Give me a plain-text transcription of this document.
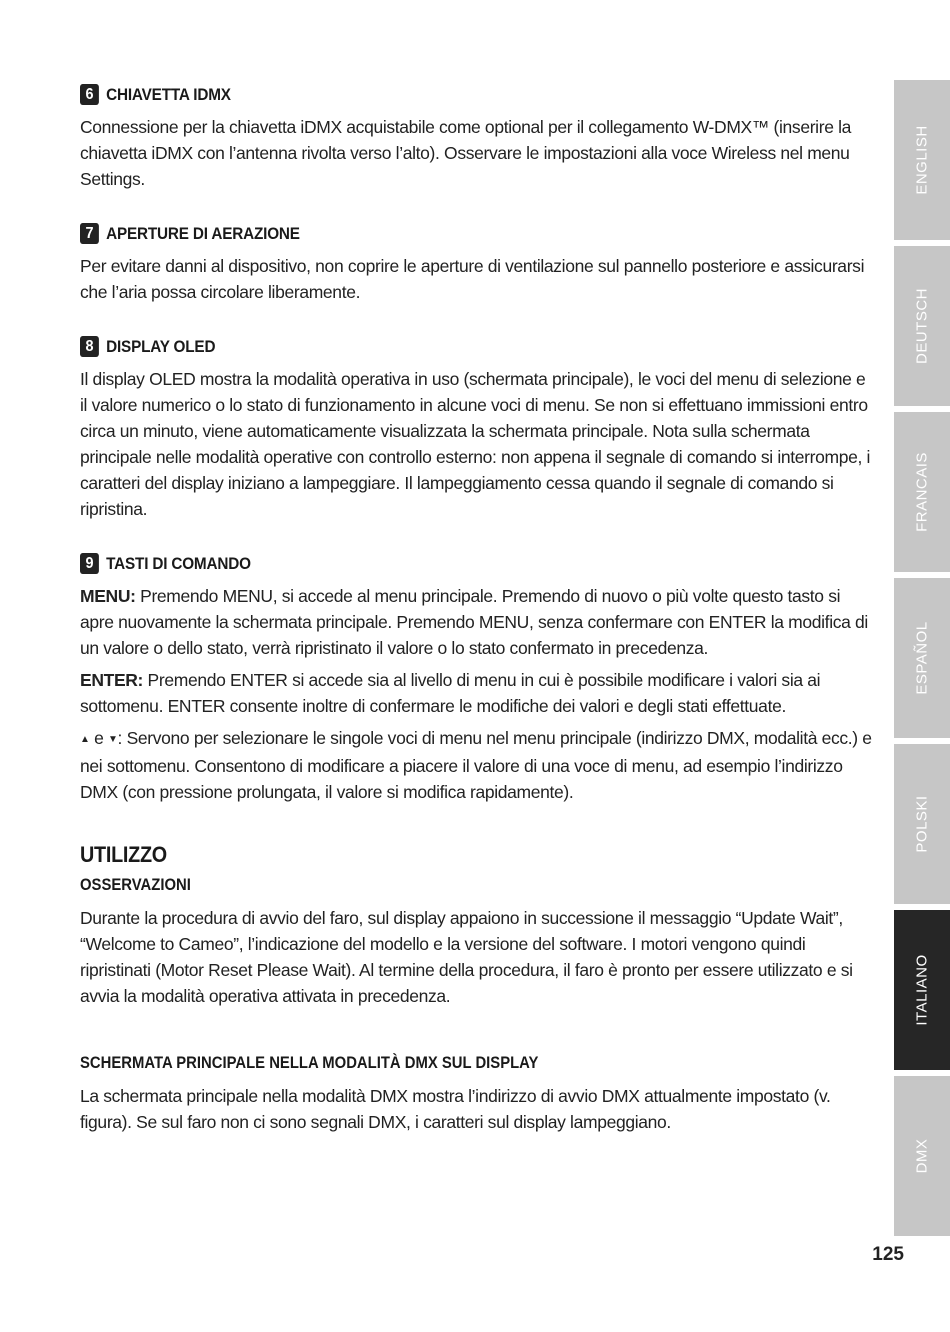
6 CHIAVETTA IDMX

Connessione per la chiavetta iDMX acquistabile come optional per il collegamento W-DMX™ (inserire la chiavetta iDMX con l’antenna rivolta verso l’alto). Osservare le impostazioni alla voce Wireless nel menu Settings.

7 APERTURE DI AERAZIONE

Per evitare danni al dispositivo, non coprire le aperture di ventilazione sul pannello posteriore e assicurarsi che l’aria possa circolare liberamente.

8 DISPLAY OLED

Il display OLED mostra la modalità operativa in uso (schermata principale), le voci del menu di selezione e il valore numerico o lo stato di funzionamento in alcune voci di menu. Se non si effettuano immissioni entro circa un minuto, viene automaticamente visualizzata la schermata principale. Nota sulla schermata principale nelle modalità operative con controllo esterno: non appena il segnale di comando si interrompe, i caratteri del display iniziano a lampeggiare. Il lampeggiamento cessa quando il segnale di comando si ripristina.

9 TASTI DI COMANDO

MENU: Premendo MENU, si accede al menu principale. Premendo di nuovo o più volte questo tasto si apre nuovamente la schermata principale. Premendo MENU, senza confermare con ENTER la modifica di un valore o dello stato, verrà ripristinato il valore o lo stato confermato in precedenza.

ENTER: Premendo ENTER si accede sia al livello di menu in cui è possibile modificare i valori sia ai sottomenu. ENTER consente inoltre di confermare le modifiche dei valori e degli stati effettuate.

▲ e ▼: Servono per selezionare le singole voci di menu nel menu principale (indirizzo DMX, modalità ecc.) e nei sottomenu. Consentono di modificare a piacere il valore di una voce di menu, ad esempio l’indirizzo DMX (con pressione prolungata, il valore si modifica rapidamente).

UTILIZZO
OSSERVAZIONI

Durante la procedura di avvio del faro, sul display appaiono in successione il messaggio “Update Wait”, “Welcome to Cameo”, l’indicazione del modello e la versione del software. I motori vengono quindi ripristinati (Motor Reset Please Wait). Al termine della procedura, il faro è pronto per essere utilizzato e si avvia la modalità operativa attivata in precedenza.

SCHERMATA PRINCIPALE NELLA MODALITÀ DMX SUL DISPLAY

La schermata principale nella modalità DMX mostra l’indirizzo di avvio DMX attualmente impostato (v. figura). Se sul faro non ci sono segnali DMX, i caratteri sul display lampeggiano.

ENGLISH
DEUTSCH
FRANCAIS
ESPAÑOL
POLSKI
ITALIANO
DMX
125
